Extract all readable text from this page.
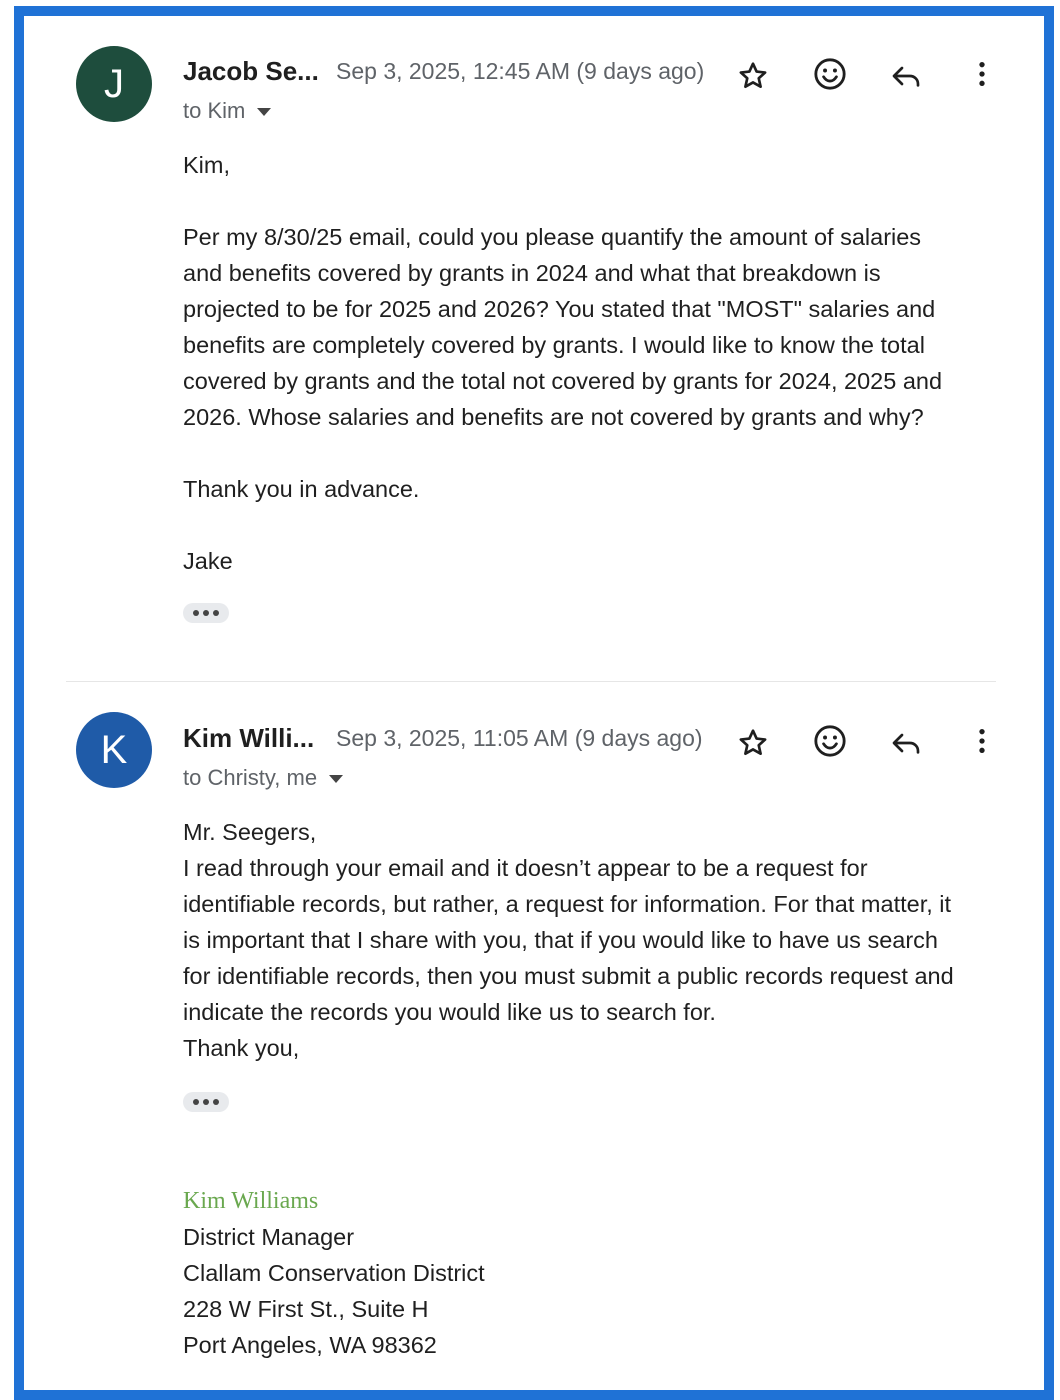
J	Jacob Se... Sep 3, 2025, 12:45 AM (9 days ago)
to Kim

Kim,

Per my 8/30/25 email, could you please quantify the amount of salaries

and benefits covered by grants in 2024 and what that breakdown is

projected to be for 2025 and 2026? You stated that "MOST" salaries and

benefits are completely covered by grants. I would like to know the total

covered by grants and the total not covered by grants for 2024, 2025 and

2026. Whose salaries and benefits are not covered by grants and why?

Thank you in advance.

Jake

K	Kim Willi... Sep 3, 2025, 11:05 AM (9 days ago)
to Christy, me

Mr. Seegers,

I read through your email and it doesn’t appear to be a request for

identifiable records, but rather, a request for information. For that matter, it

is important that I share with you, that if you would like to have us search

for identifiable records, then you must submit a public records request and

indicate the records you would like us to search for.

Thank you,

Kim Williams

District Manager

Clallam Conservation District

228 W First St., Suite H

Port Angeles, WA 98362
